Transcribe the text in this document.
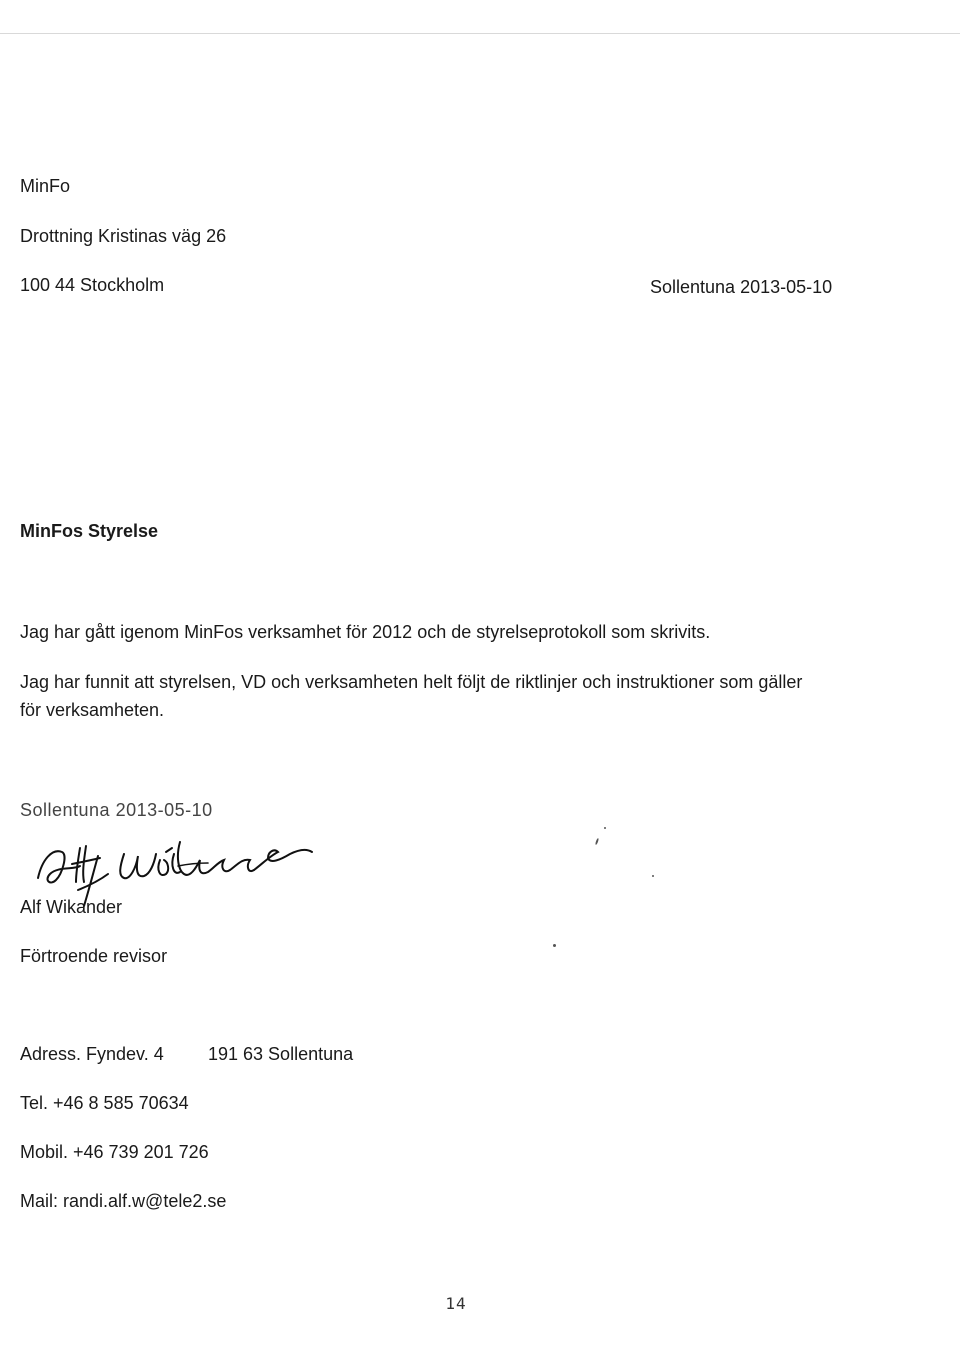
MinFo
Drottning Kristinas väg 26
100 44 Stockholm	Sollentuna 2013-05-10
MinFos Styrelse
Jag har gått igenom MinFos verksamhet för 2012 och de styrelseprotokoll som skrivits.
Jag har funnit att styrelsen, VD och verksamheten helt följt de riktlinjer och instruktioner som gäller
för verksamheten.
Sollentuna 2013-05-10
Alf Wikander
Förtroende revisor
Adress. Fyndev. 4 191 63 Sollentuna
Tel. +46 8 585 70634
Mobil. +46 739 201 726
Mail: randi.alf.w@tele2.se
14
